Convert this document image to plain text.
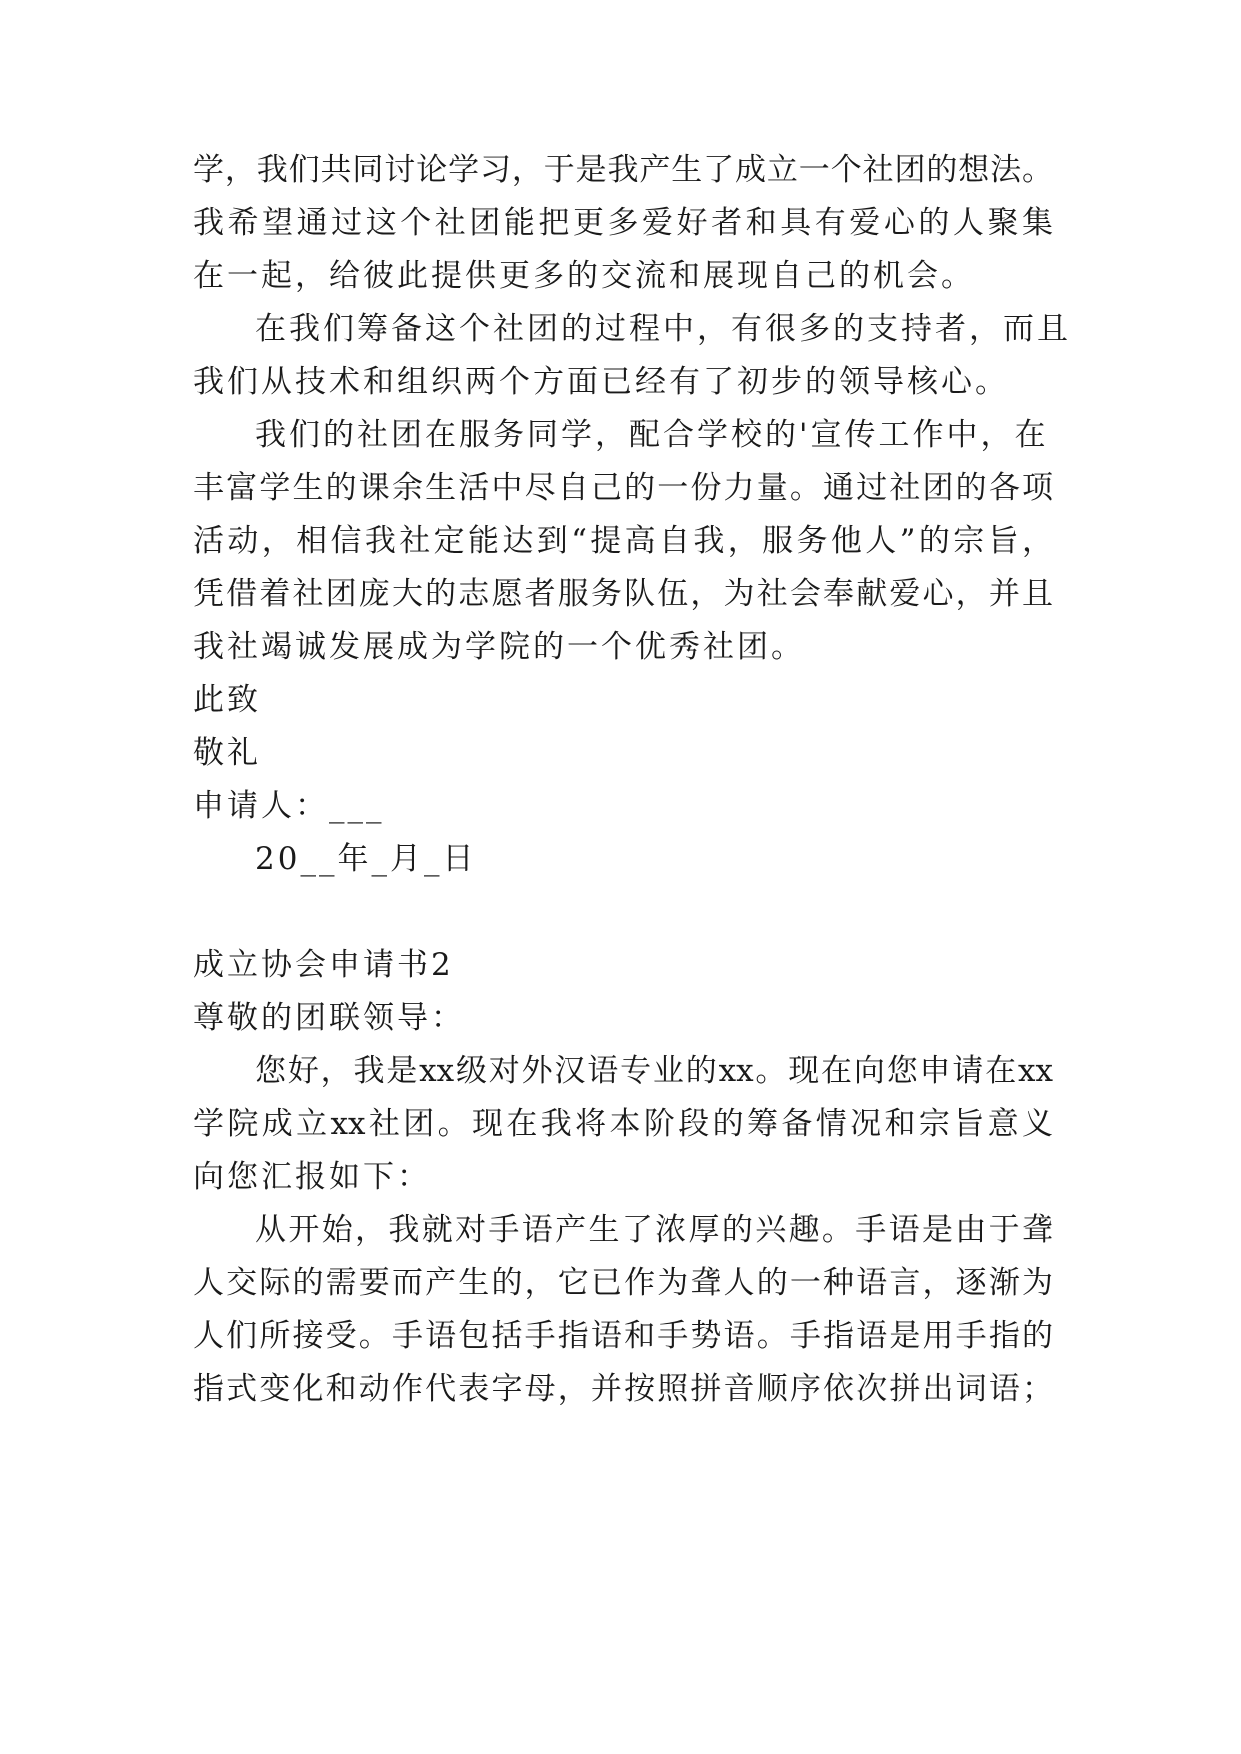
学，我们共同讨论学习，于是我产生了成立一个社团的想法。
我希望通过这个社团能把更多爱好者和具有爱心的人聚集
在一起，给彼此提供更多的交流和展现自己的机会。
在我们筹备这个社团的过程中，有很多的支持者，而且
我们从技术和组织两个方面已经有了初步的领导核心。
我们的社团在服务同学，配合学校的'宣传工作中，在
丰富学生的课余生活中尽自己的一份力量。通过社团的各项
活动，相信我社定能达到“提高自我，服务他人”的宗旨，
凭借着社团庞大的志愿者服务队伍，为社会奉献爱心，并且
我社竭诚发展成为学院的一个优秀社团。
此致
敬礼
申请人：___
20__年_月_日
成立协会申请书2
尊敬的团联领导：
您好，我是xx级对外汉语专业的xx。现在向您申请在xx
学院成立xx社团。现在我将本阶段的筹备情况和宗旨意义
向您汇报如下：
从开始，我就对手语产生了浓厚的兴趣。手语是由于聋
人交际的需要而产生的，它已作为聋人的一种语言，逐渐为
人们所接受。手语包括手指语和手势语。手指语是用手指的
指式变化和动作代表字母，并按照拼音顺序依次拼出词语；
